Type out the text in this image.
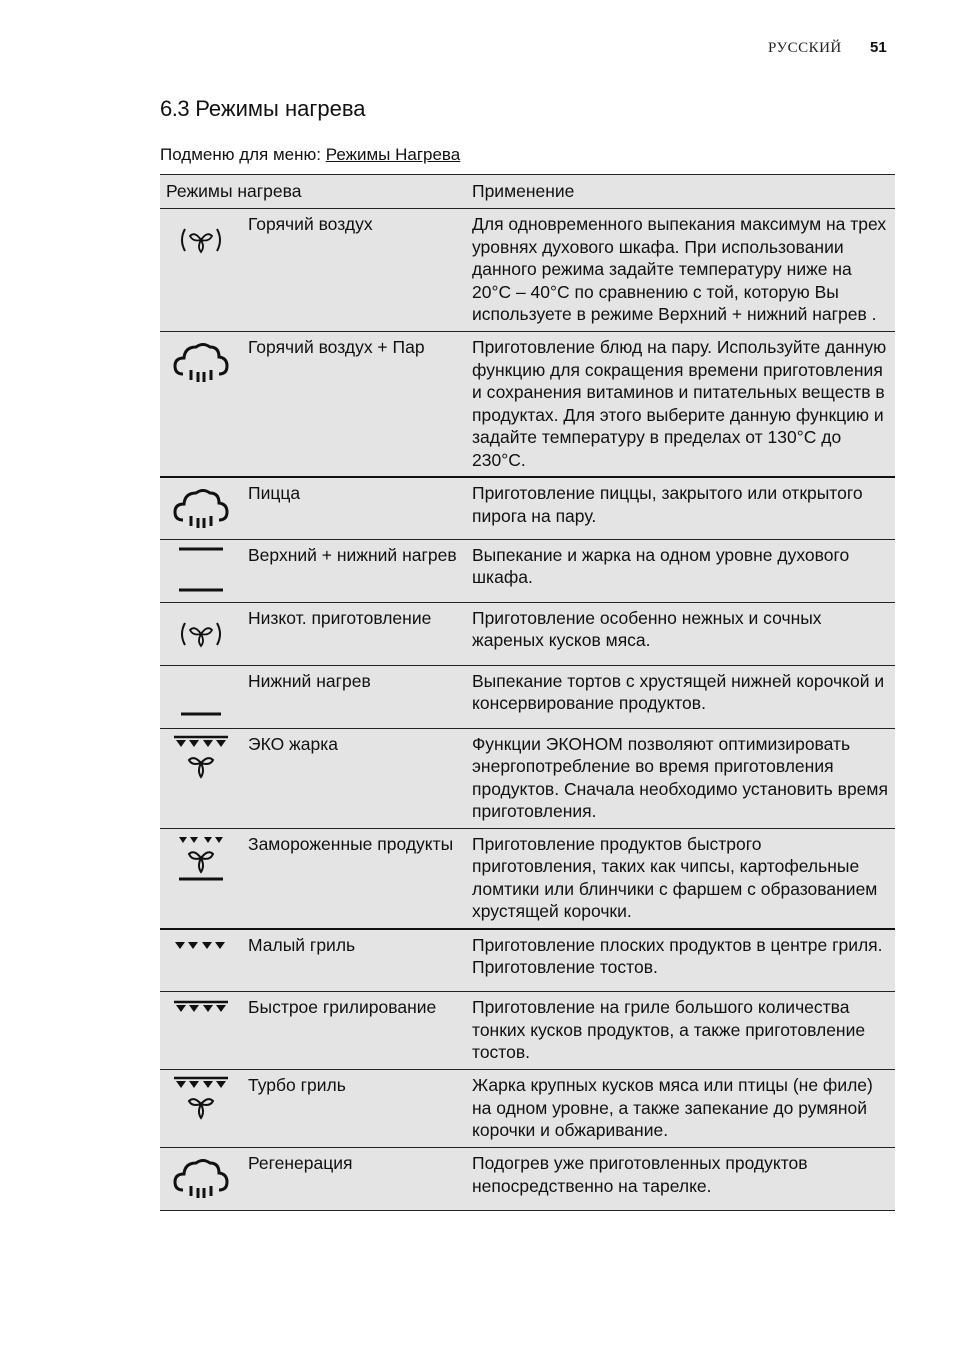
РУССКИЙ 51
6.3 Режимы нагрева
Подменю для меню: Режимы Нагрева
Режимы нагрева		Применение

	Горячий воздух	Для одновременного выпекания максимум на трех уровнях духового шкафа. При использовании данного режима задайте температуру ниже на 20°C – 40°C по сравнению с той, которую Вы используете в режиме Верхний + нижний нагрев .

	Горячий воздух + Пар	Приготовление блюд на пару. Используйте данную функцию для сокращения времени приготовления и сохранения витаминов и питательных веществ в продуктах. Для этого выберите данную функцию и задайте температуру в пределах от 130°C до 230°C.

	Пицца	Приготовление пиццы, закрытого или открытого пирога на пару.

	Верхний + нижний нагрев	Выпекание и жарка на одном уровне духового шкафа.

	Низкот. приготовление	Приготовление особенно нежных и сочных жареных кусков мяса.

	Нижний нагрев	Выпекание тортов с хрустящей нижней корочкой и консервирование продуктов.

	ЭКО жарка	Функции ЭКОНОМ позволяют оптимизировать энергопотребление во время приготовления продуктов. Сначала необходимо установить время приготовления.

	Замороженные продукты	Приготовление продуктов быстрого приготовления, таких как чипсы, картофельные ломтики или блинчики с фаршем с образованием хрустящей корочки.

	Малый гриль	Приготовление плоских продуктов в центре гриля. Приготовление тостов.

	Быстрое грилирование	Приготовление на гриле большого количества тонких кусков продуктов, а также приготовление тостов.

	Турбо гриль	Жарка крупных кусков мяса или птицы (не филе) на одном уровне, а также запекание до румяной корочки и обжаривание.

	Регенерация	Подогрев уже приготовленных продуктов непосредственно на тарелке.
